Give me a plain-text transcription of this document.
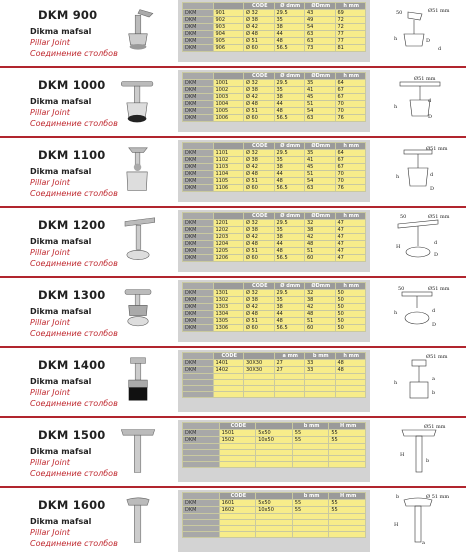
DKM 900
Dikma mafsal
Pillar Joint
Соединение столбов
		CODE	Ø dmm	ØDmm	h mm
DKM	901	Ø 32	29.5	43	69
DKM	902	Ø 38	35	49	72
DKM	903	Ø 42	38	54	72
DKM	904	Ø 48	44	63	77
DKM	905	Ø 51	48	63	77
DKM	906	Ø 60	56.5	73	81
50	Ø51 mm
h	D
d
DKM 1000
Dikma mafsal
Pillar Joint
Соединение столбов
		CODE	Ø dmm	ØDmm	h mm
DKM	1001	Ø 32	29.5	35	64
DKM	1002	Ø 38	35	41	67
DKM	1003	Ø 42	38	45	67
DKM	1004	Ø 48	44	51	70
DKM	1005	Ø 51	48	54	70
DKM	1006	Ø 60	56.5	63	76
Ø51 mm
h
d
D
DKM 1100
Dikma mafsal
Pillar Joint
Соединение столбов
		CODE	Ø dmm	ØDmm	h mm
DKM	1101	Ø 32	29.5	35	64
DKM	1102	Ø 38	35	41	67
DKM	1103	Ø 42	38	45	67
DKM	1104	Ø 48	44	51	70
DKM	1105	Ø 51	48	54	70
DKM	1106	Ø 60	56.5	63	76
Ø51 mm
h	d
D
DKM 1200
Dikma mafsal
Pillar Joint
Соединение столбов
		CODE	Ø dmm	ØDmm	h mm
DKM	1201	Ø 32	29.5	32	47
DKM	1202	Ø 38	35	38	47
DKM	1203	Ø 42	38	42	47
DKM	1204	Ø 48	44	48	47
DKM	1205	Ø 51	48	51	47
DKM	1206	Ø 60	56.5	60	47
50	Ø51 mm
H
d
D
DKM 1300
Dikma mafsal
Pillar Joint
Соединение столбов
		CODE	Ø dmm	ØDmm	h mm
DKM	1301	Ø 32	29.5	32	50
DKM	1302	Ø 38	35	38	50
DKM	1303	Ø 42	38	42	50
DKM	1304	Ø 48	44	48	50
DKM	1305	Ø 51	48	51	50
DKM	1306	Ø 60	56.5	60	50
50	Ø51 mm
h	d
D
DKM 1400
Dikma mafsal
Pillar Joint
Соединение столбов
	CODE		a mm	b mm	h mm
DKM	1401	30X30	27	33	48
DKM	1402	30X30	27	33	48

Ø51 mm
h
a
b
DKM 1500
Dikma mafsal
Pillar Joint
Соединение столбов
	CODE		b mm	H mm
DKM	1501	5x50	55	55
DKM	1502	10x50	55	55

Ø51 mm
H
b
DKM 1600
Dikma mafsal
Pillar Joint
Соединение столбов
	CODE		b mm	H mm
DKM	1601	5x50	55	55
DKM	1602	10x50	55	55

b	Ø 51 mm
H
a
